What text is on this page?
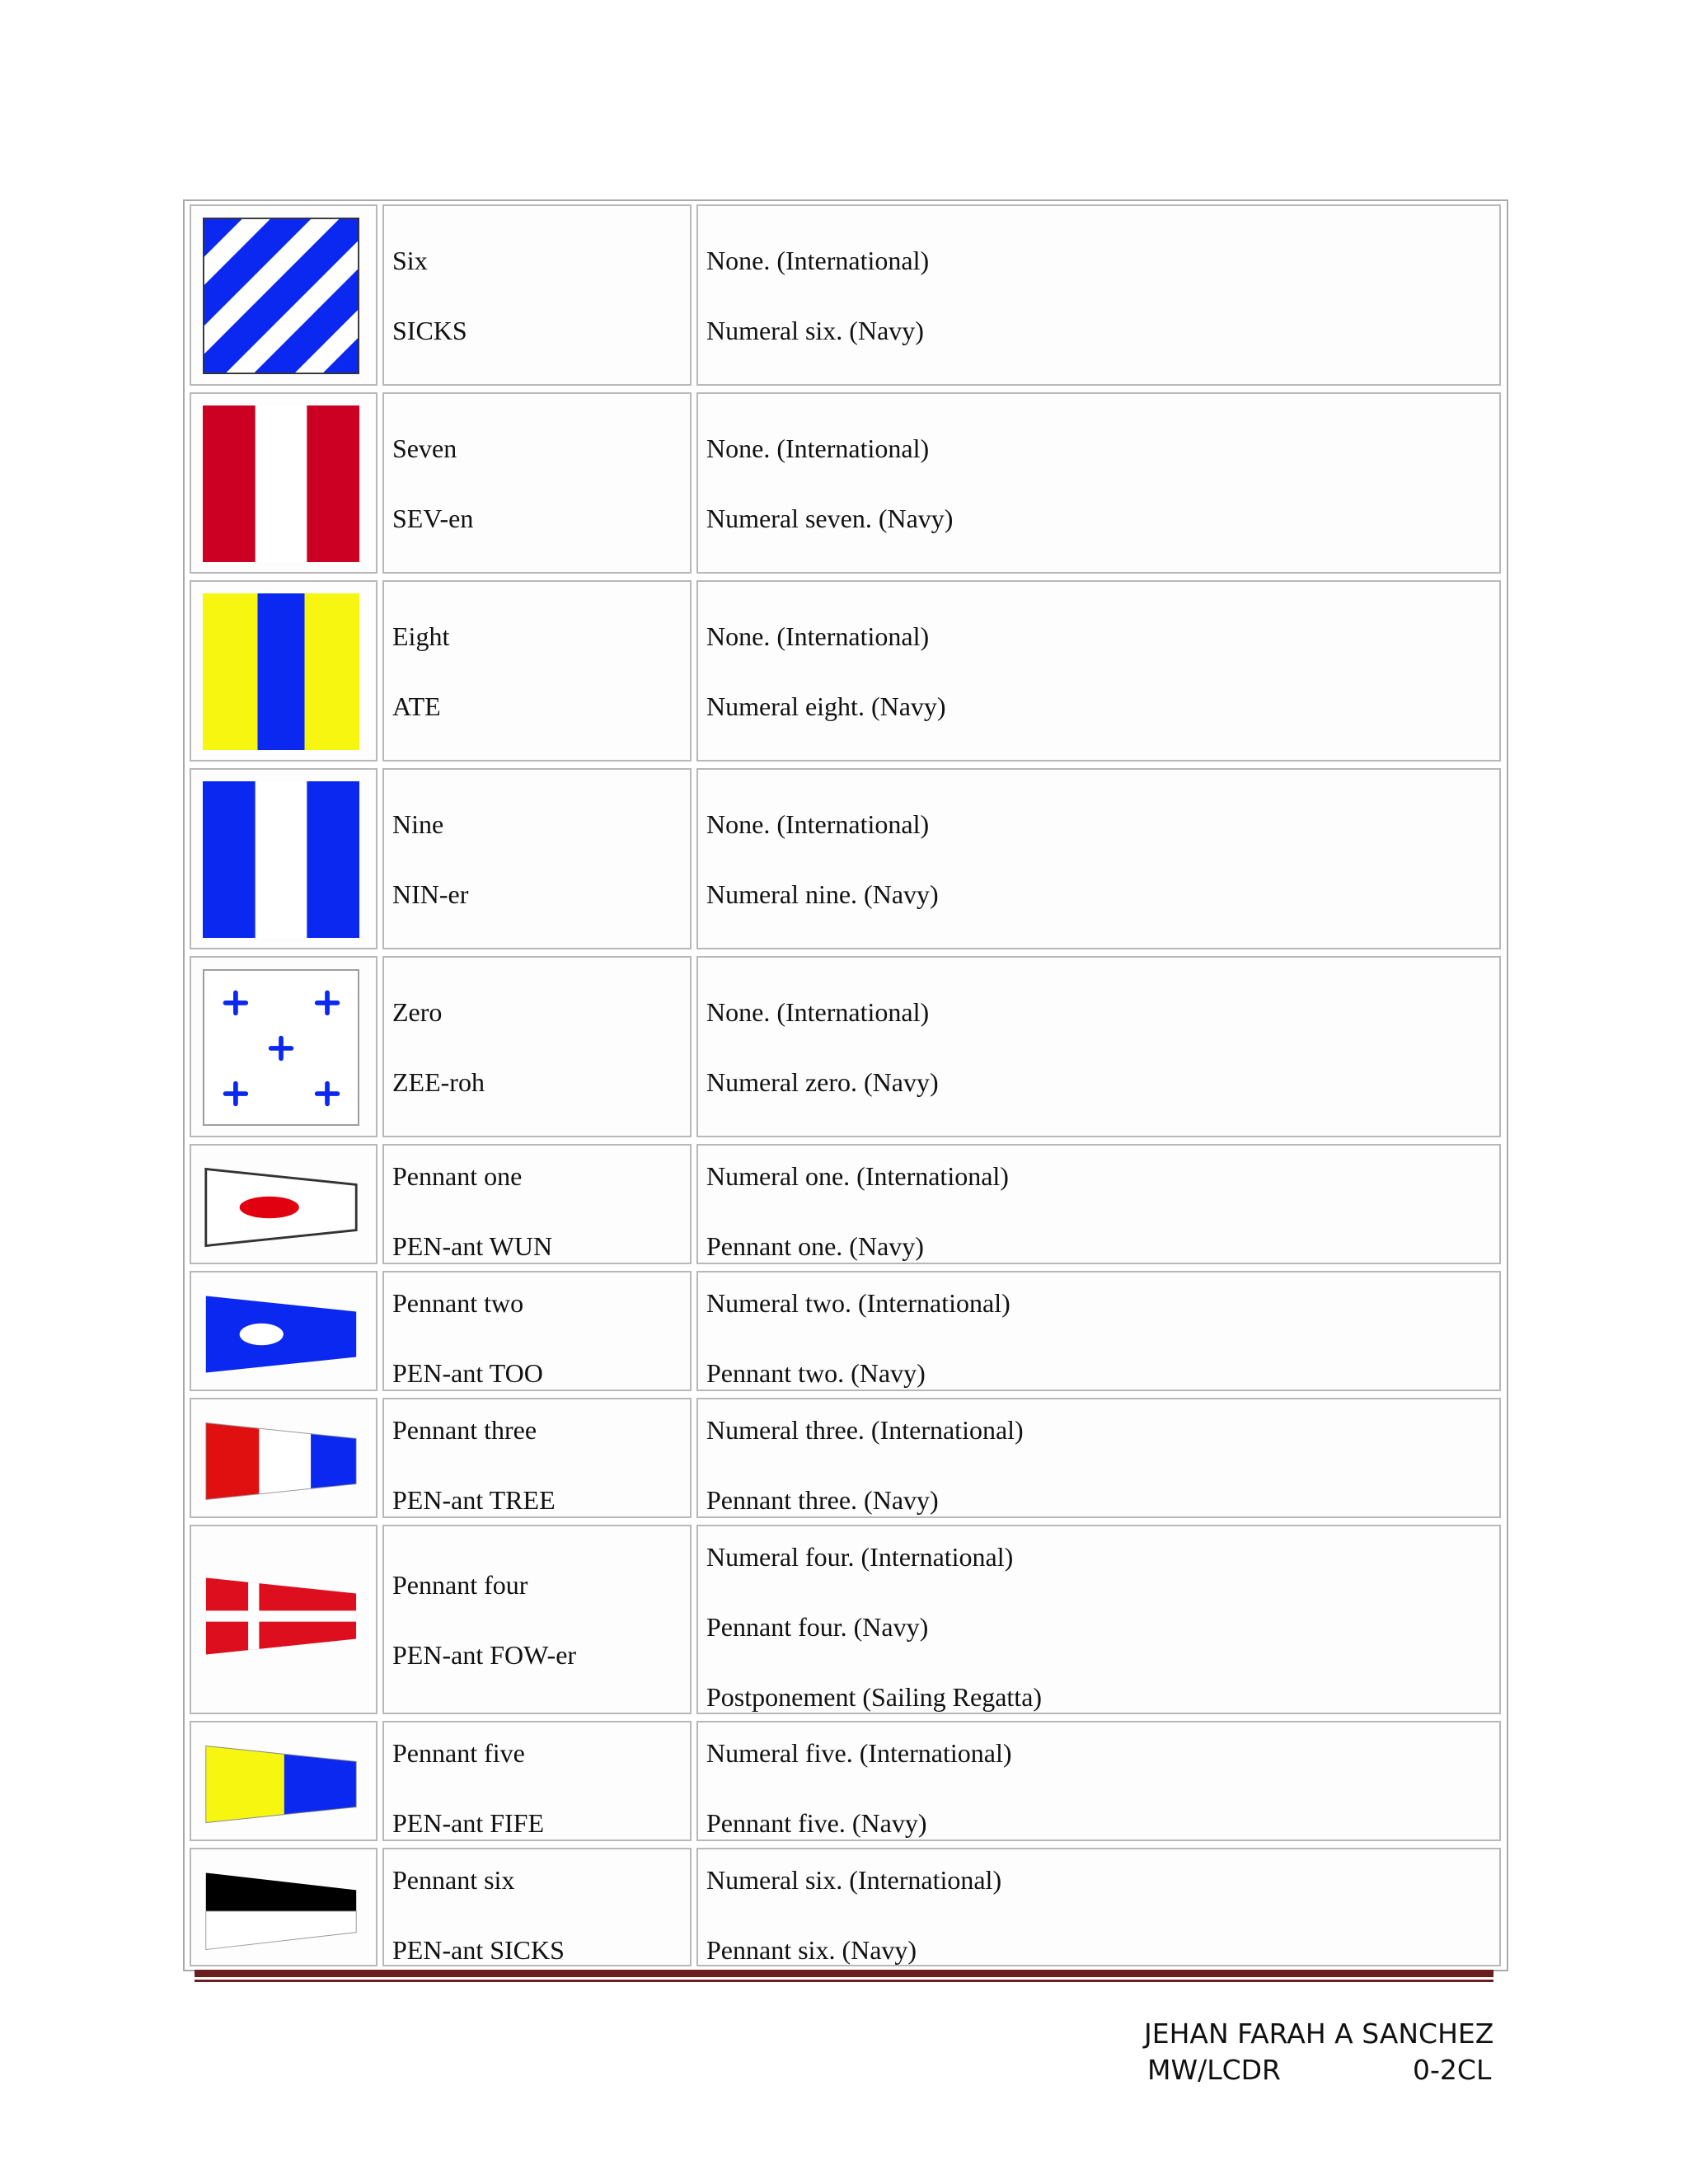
Six
SICKS
None. (International)
Numeral six. (Navy)
Seven
SEV-en
None. (International)
Numeral seven. (Navy)
Eight
ATE
None. (International)
Numeral eight. (Navy)
Nine
NIN-er
None. (International)
Numeral nine. (Navy)
Zero
ZEE-roh
None. (International)
Numeral zero. (Navy)
Pennant one
PEN-ant WUN
Numeral one. (International)
Pennant one. (Navy)
Pennant two
PEN-ant TOO
Numeral two. (International)
Pennant two. (Navy)
Pennant three
PEN-ant TREE
Numeral three. (International)
Pennant three. (Navy)
Pennant four
PEN-ant FOW-er
Numeral four. (International)
Pennant four. (Navy)
Postponement (Sailing Regatta)
Pennant five
PEN-ant FIFE
Numeral five. (International)
Pennant five. (Navy)
Pennant six
PEN-ant SICKS
Numeral six. (International)
Pennant six. (Navy)
JEHAN FARAH A SANCHEZ
MW/LCDR	0-2CL
